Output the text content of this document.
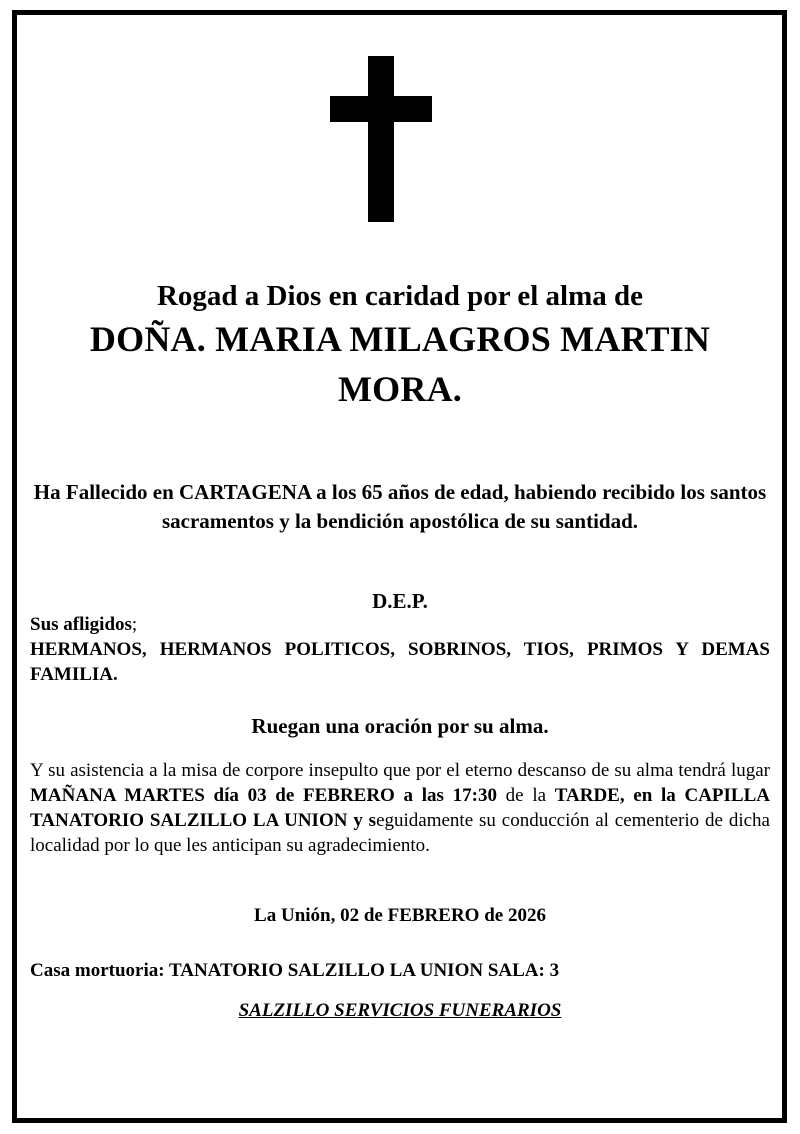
Rogad a Dios en caridad por el alma de
DOÑA. MARIA MILAGROS MARTIN
MORA.
Ha Fallecido en CARTAGENA a los 65 años de edad, habiendo recibido los santos sacramentos y la bendición apostólica de su santidad.
D.E.P.
Sus afligidos;
HERMANOS, HERMANOS POLITICOS, SOBRINOS, TIOS, PRIMOS Y DEMAS FAMILIA.
Ruegan una oración por su alma.
Y su asistencia a la misa de corpore insepulto que por el eterno descanso de su alma tendrá lugar MAÑANA MARTES día 03 de FEBRERO a las 17:30 de la TARDE, en la CAPILLA TANATORIO SALZILLO LA UNION y seguidamente su conducción al cementerio de dicha localidad por lo que les anticipan su agradecimiento.
La Unión, 02 de FEBRERO de 2026
Casa mortuoria: TANATORIO SALZILLO LA UNION SALA: 3
SALZILLO SERVICIOS FUNERARIOS
